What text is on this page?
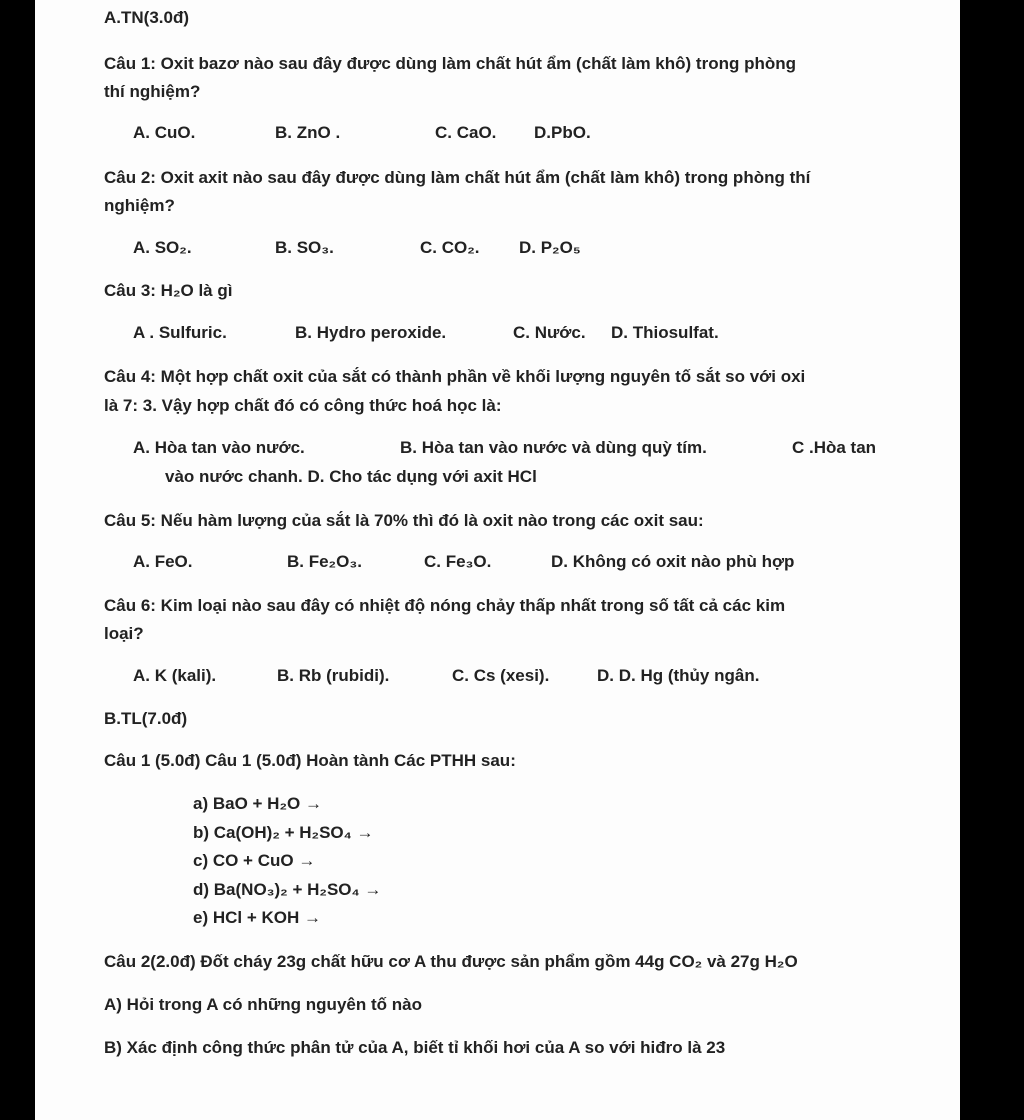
A.TN(3.0đ)
Câu 1: Oxit bazơ nào sau đây được dùng làm chất hút ẩm (chất làm khô) trong phòng
thí nghiệm?
A. CuO.	B. ZnO .	C. CaO. D.PbO.
Câu 2: Oxit axit nào sau đây được dùng làm chất hút ẩm (chất làm khô) trong phòng thí
nghiệm?
A. SO₂.	B. SO₃.	C. CO₂. D. P₂O₅
Câu 3: H₂O là gì
A . Sulfuric.	B. Hydro peroxide.	C. Nước. D. Thiosulfat.
Câu 4: Một hợp chất oxit của sắt có thành phần về khối lượng nguyên tố sắt so với oxi
là 7: 3. Vậy hợp chất đó có công thức hoá học là:
A. Hòa tan vào nước.	B. Hòa tan vào nước và dùng quỳ tím.	C .Hòa tan
vào nước chanh. D. Cho tác dụng với axit HCl
Câu 5: Nếu hàm lượng của sắt là 70% thì đó là oxit nào trong các oxit sau:
A. FeO.	B. Fe₂O₃.	C. Fe₃O.	D. Không có oxit nào phù hợp
Câu 6: Kim loại nào sau đây có nhiệt độ nóng chảy thấp nhất trong số tất cả các kim
loại?
A. K (kali).	B. Rb (rubidi).	C. Cs (xesi).	D. D. Hg (thủy ngân.
B.TL(7.0đ)
Câu 1 (5.0đ) Câu 1 (5.0đ) Hoàn tành Các PTHH sau:
a) BaO + H₂O →
b) Ca(OH)₂ + H₂SO₄ →
c) CO + CuO →
d) Ba(NO₃)₂ + H₂SO₄ →
e) HCl + KOH →
Câu 2(2.0đ) Đốt cháy 23g chất hữu cơ A thu được sản phẩm gồm 44g CO₂ và 27g H₂O
A) Hỏi trong A có những nguyên tố nào
B) Xác định công thức phân tử của A, biết tỉ khối hơi của A so với hiđro là 23
